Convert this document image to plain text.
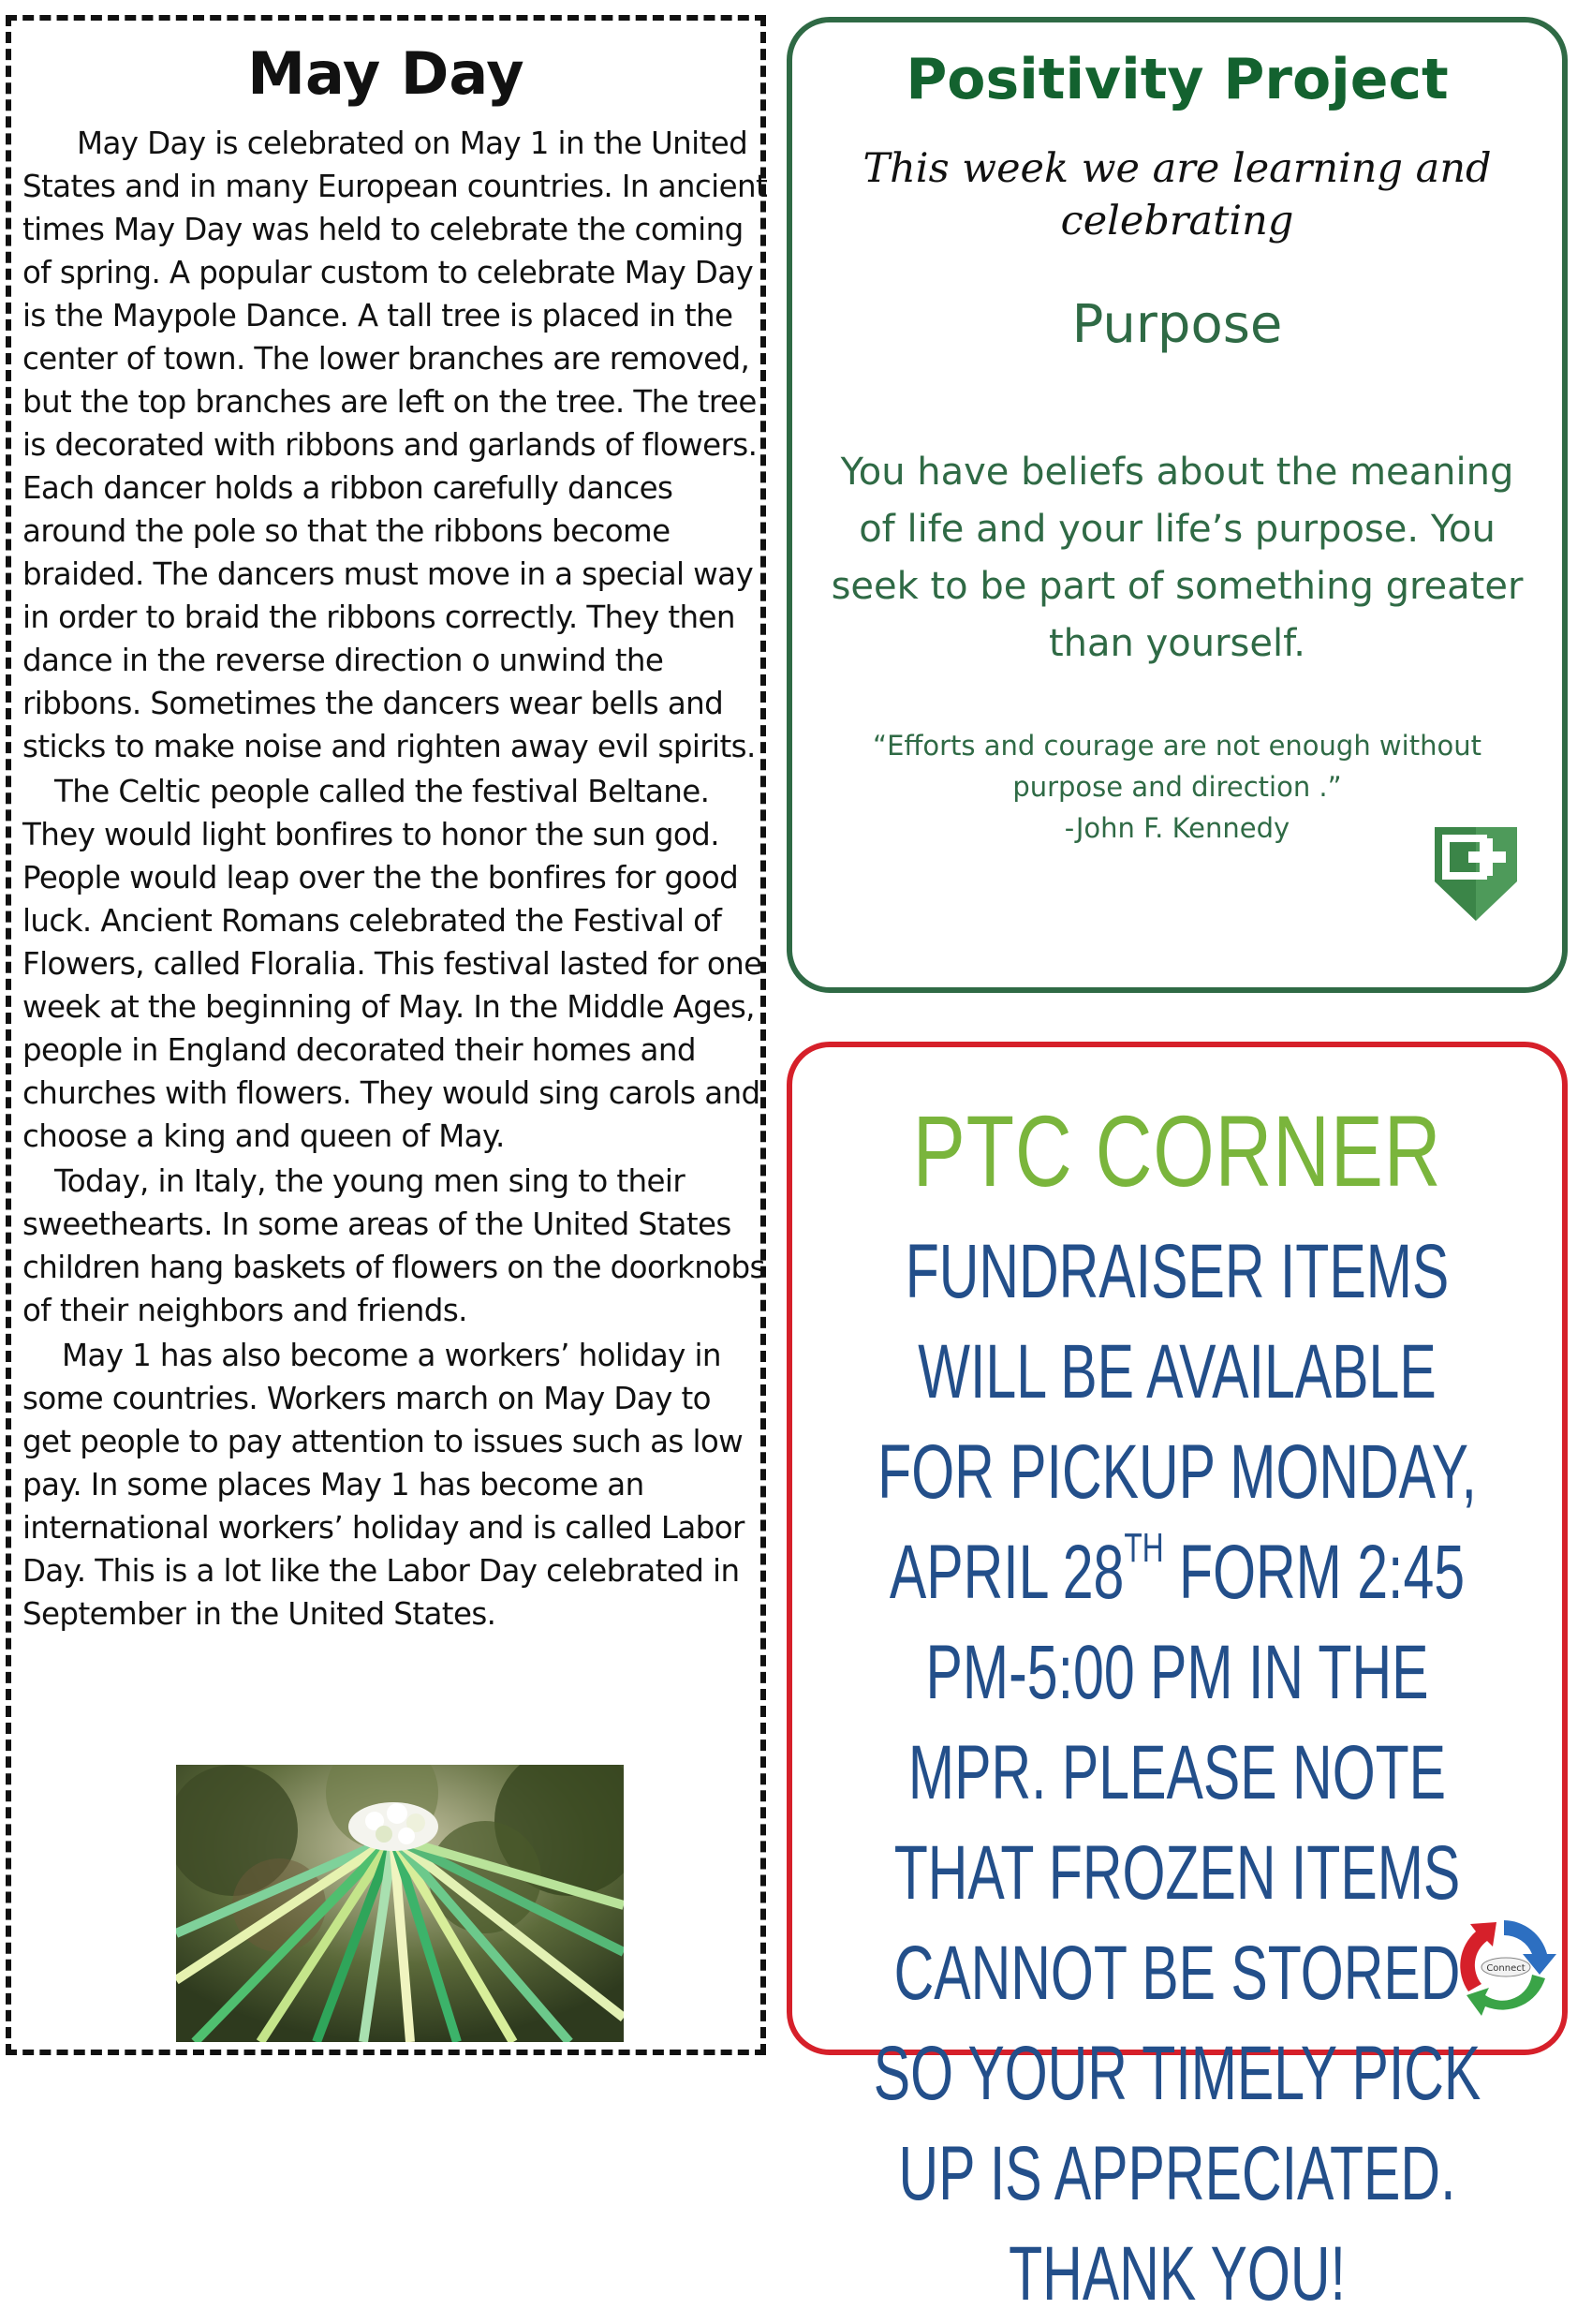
May Day

May Day is celebrated on May 1 in the United States and in many European countries. In ancient times May Day was held to celebrate the coming of spring. A popular custom to celebrate May Day is the Maypole Dance. A tall tree is placed in the center of town. The lower branches are removed, but the top branches are left on the tree. The tree is decorated with ribbons and garlands of flowers. Each dancer holds a ribbon carefully dances around the pole so that the ribbons become braided. The dancers must move in a special way in order to braid the ribbons correctly. They then dance in the reverse direction o unwind the ribbons. Sometimes the dancers wear bells and sticks to make noise and righten away evil spirits.

The Celtic people called the festival Beltane. They would light bonfires to honor the sun god. People would leap over the the bonfires for good luck. Ancient Romans celebrated the Festival of Flowers, called Floralia. This festival lasted for one week at the beginning of May. In the Middle Ages, people in England decorated their homes and churches with flowers. They would sing carols and choose a king and queen of May.

Today, in Italy, the young men sing to their sweethearts. In some areas of the United States children hang baskets of flowers on the doorknobs of their neighbors and friends.

May 1 has also become a workers’ holiday in some countries. Workers march on May Day to get people to pay attention to issues such as low pay. In some places May 1 has become an international workers’ holiday and is called Labor Day. This is a lot like the Labor Day celebrated in September in the United States.

Positivity Project
This week we are learning and celebrating
Purpose
You have beliefs about the meaning of life and your life’s purpose. You seek to be part of something greater than yourself.
“Efforts and courage are not enough without purpose and direction .”
-John F. Kennedy
PTC CORNER
FUNDRAISER ITEMS WILL BE AVAILABLE FOR PICKUP MONDAY, APRIL 28TH FORM 2:45 PM-5:00 PM IN THE MPR. PLEASE NOTE THAT FROZEN ITEMS CANNOT BE STORED SO YOUR TIMELY PICK UP IS APPRECIATED. THANK YOU!
Connect
